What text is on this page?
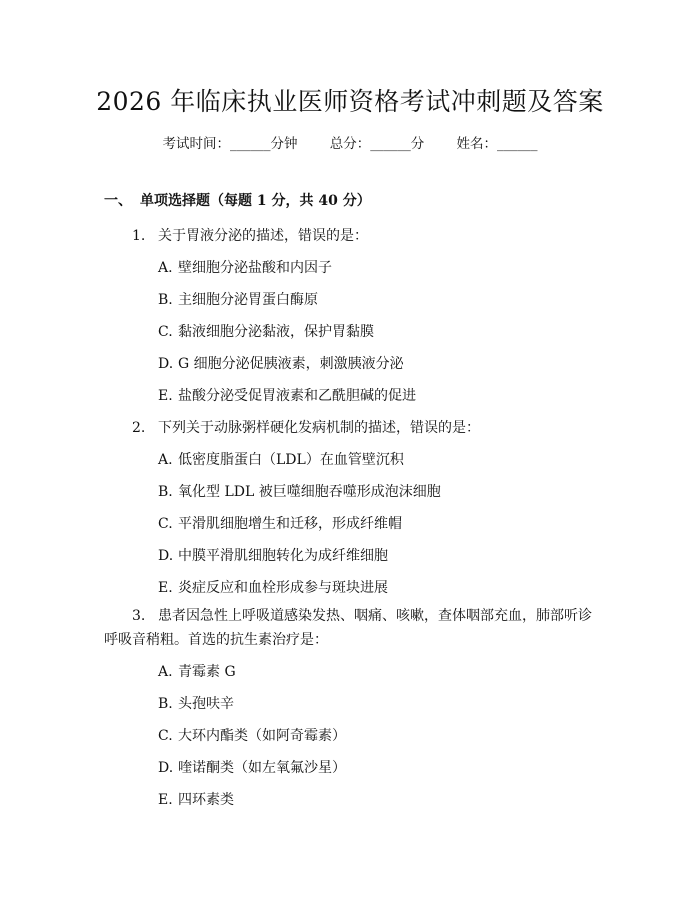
2026 年临床执业医师资格考试冲刺题及答案
考试时间：______分钟 总分：______分 姓名：______
一、 单项选择题（每题 1 分，共 40 分）
1. 关于胃液分泌的描述，错误的是：
A. 壁细胞分泌盐酸和内因子
B. 主细胞分泌胃蛋白酶原
C. 黏液细胞分泌黏液，保护胃黏膜
D. G 细胞分泌促胰液素，刺激胰液分泌
E. 盐酸分泌受促胃液素和乙酰胆碱的促进
2. 下列关于动脉粥样硬化发病机制的描述，错误的是：
A. 低密度脂蛋白（LDL）在血管壁沉积
B. 氧化型 LDL 被巨噬细胞吞噬形成泡沫细胞
C. 平滑肌细胞增生和迁移，形成纤维帽
D. 中膜平滑肌细胞转化为成纤维细胞
E. 炎症反应和血栓形成参与斑块进展
3. 患者因急性上呼吸道感染发热、咽痛、咳嗽，查体咽部充血，肺部听诊呼吸音稍粗。首选的抗生素治疗是：
A. 青霉素 G
B. 头孢呋辛
C. 大环内酯类（如阿奇霉素）
D. 喹诺酮类（如左氧氟沙星）
E. 四环素类
